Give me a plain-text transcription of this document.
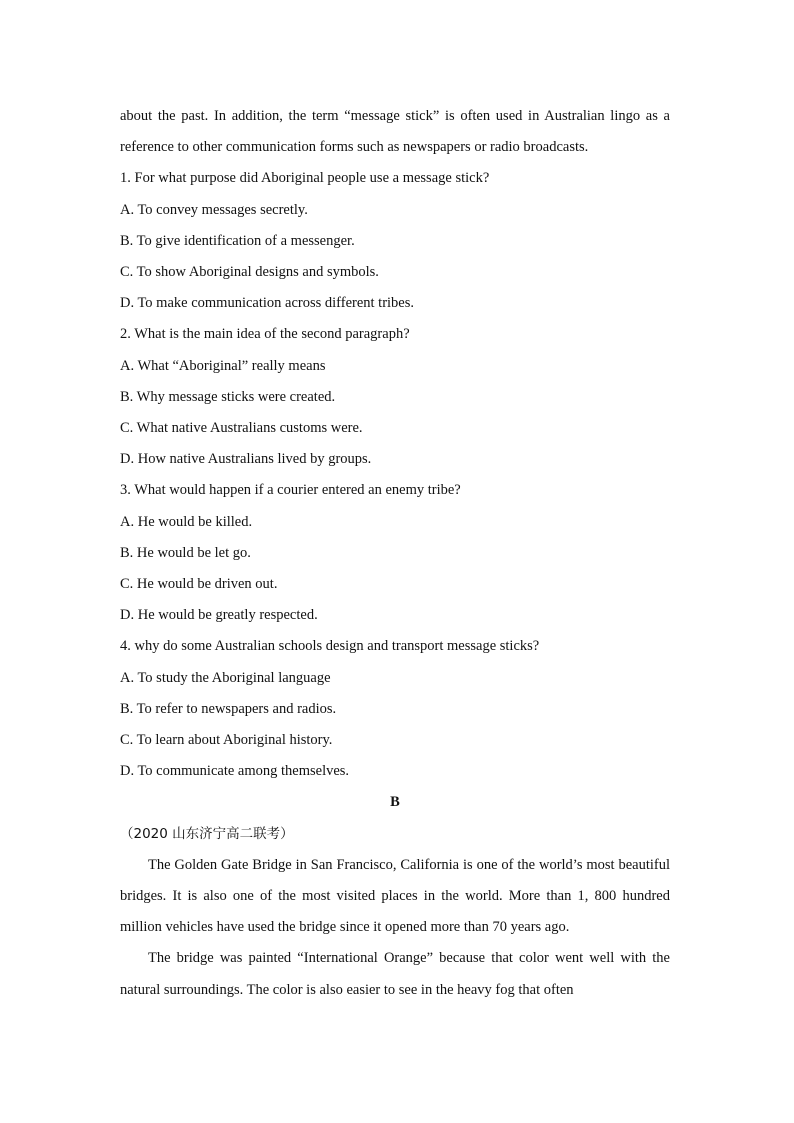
about the past. In addition, the term “message stick” is often used in Australian lingo as a reference to other communication forms such as newspapers or radio broadcasts.

1. For what purpose did Aboriginal people use a message stick?

A. To convey messages secretly.

B. To give identification of a messenger.

C. To show Aboriginal designs and symbols.

D. To make communication across different tribes.

2. What is the main idea of the second paragraph?

A. What “Aboriginal” really means

B. Why message sticks were created.

C. What native Australians customs were.

D. How native Australians lived by groups.

3. What would happen if a courier entered an enemy tribe?

A. He would be killed.

B. He would be let go.

C. He would be driven out.

D. He would be greatly respected.

4. why do some Australian schools design and transport message sticks?

A. To study the Aboriginal language

B. To refer to newspapers and radios.

C. To learn about Aboriginal history.

D. To communicate among themselves.

B

（2020 山东济宁高二联考）

The Golden Gate Bridge in San Francisco, California is one of the world’s most beautiful bridges. It is also one of the most visited places in the world. More than 1, 800 hundred million vehicles have used the bridge since it opened more than 70 years ago.

The bridge was painted “International Orange” because that color went well with the natural surroundings. The color is also easier to see in the heavy fog that often
